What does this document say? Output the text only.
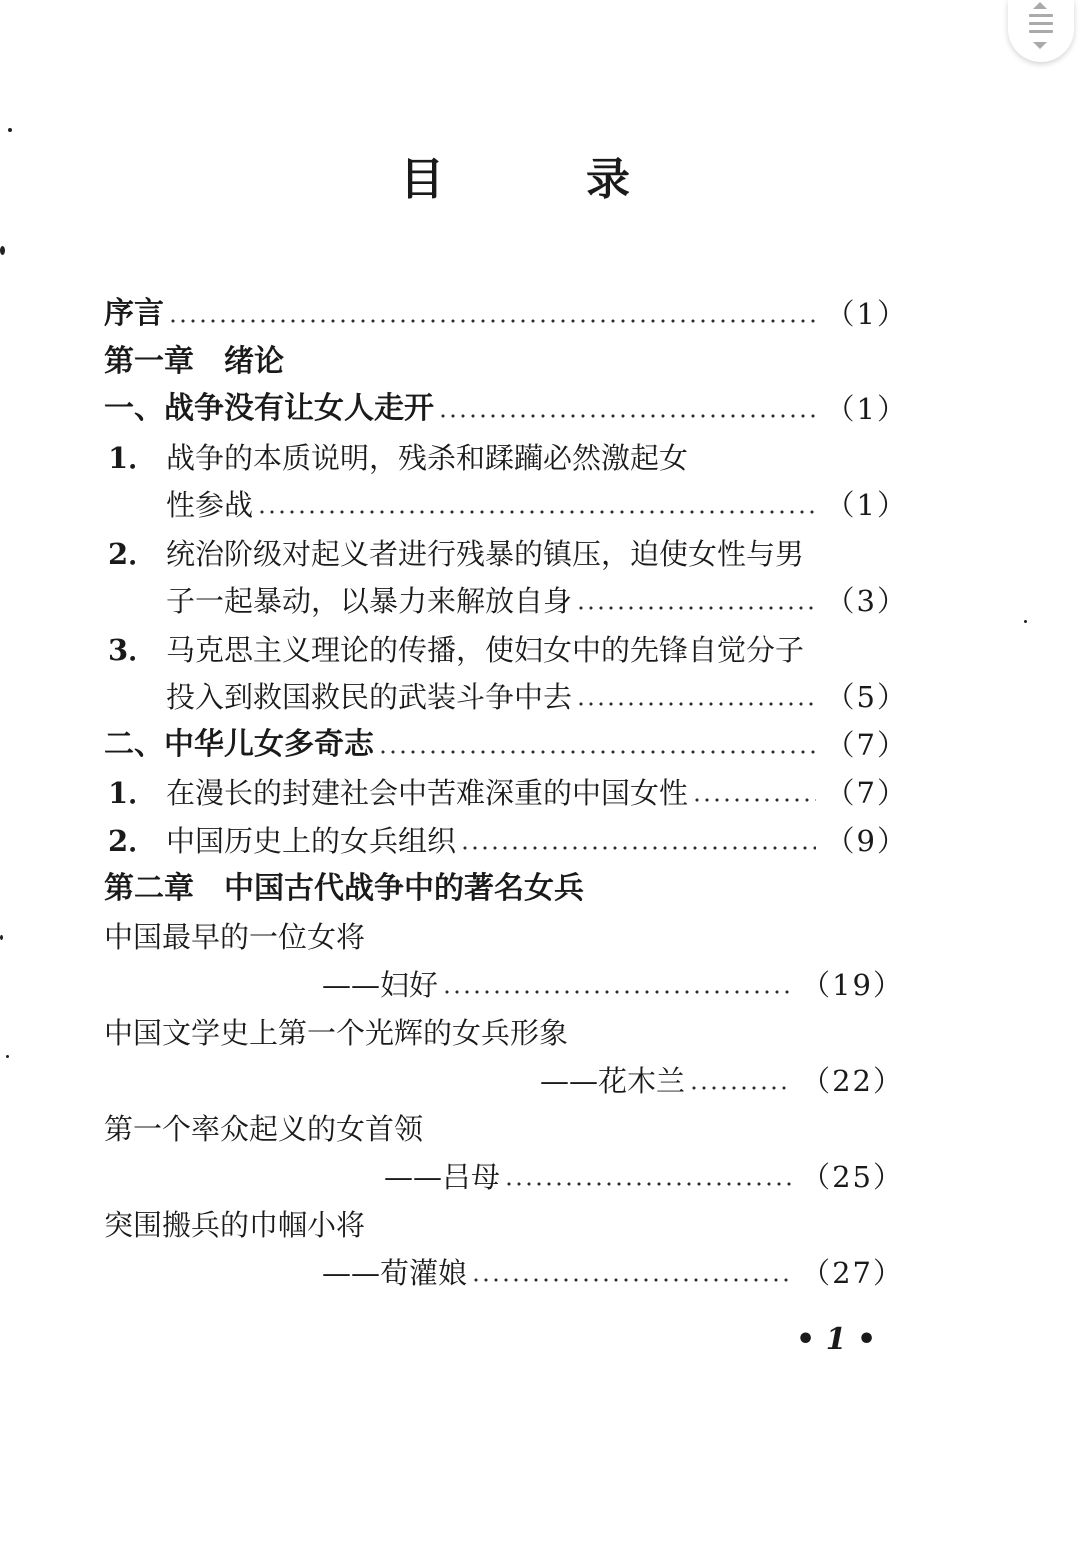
目	录
序言	（1）
第一章　绪论
一、战争没有让女人走开	（1）
1． 战争的本质说明，残杀和蹂躏必然激起女
性参战	（1）
2． 统治阶级对起义者进行残暴的镇压，迫使女性与男
子一起暴动，以暴力来解放自身	（3）
3． 马克思主义理论的传播，使妇女中的先锋自觉分子
投入到救国救民的武装斗争中去	（5）
二、中华儿女多奇志	（7）
1． 在漫长的封建社会中苦难深重的中国女性	（7）
2． 中国历史上的女兵组织	（9）
第二章　中国古代战争中的著名女兵
中国最早的一位女将
——妇好	（19）
中国文学史上第一个光辉的女兵形象
——花木兰	（22）
第一个率众起义的女首领
——吕母	（25）
突围搬兵的巾帼小将
——荀灌娘	（27）
• 1 •
